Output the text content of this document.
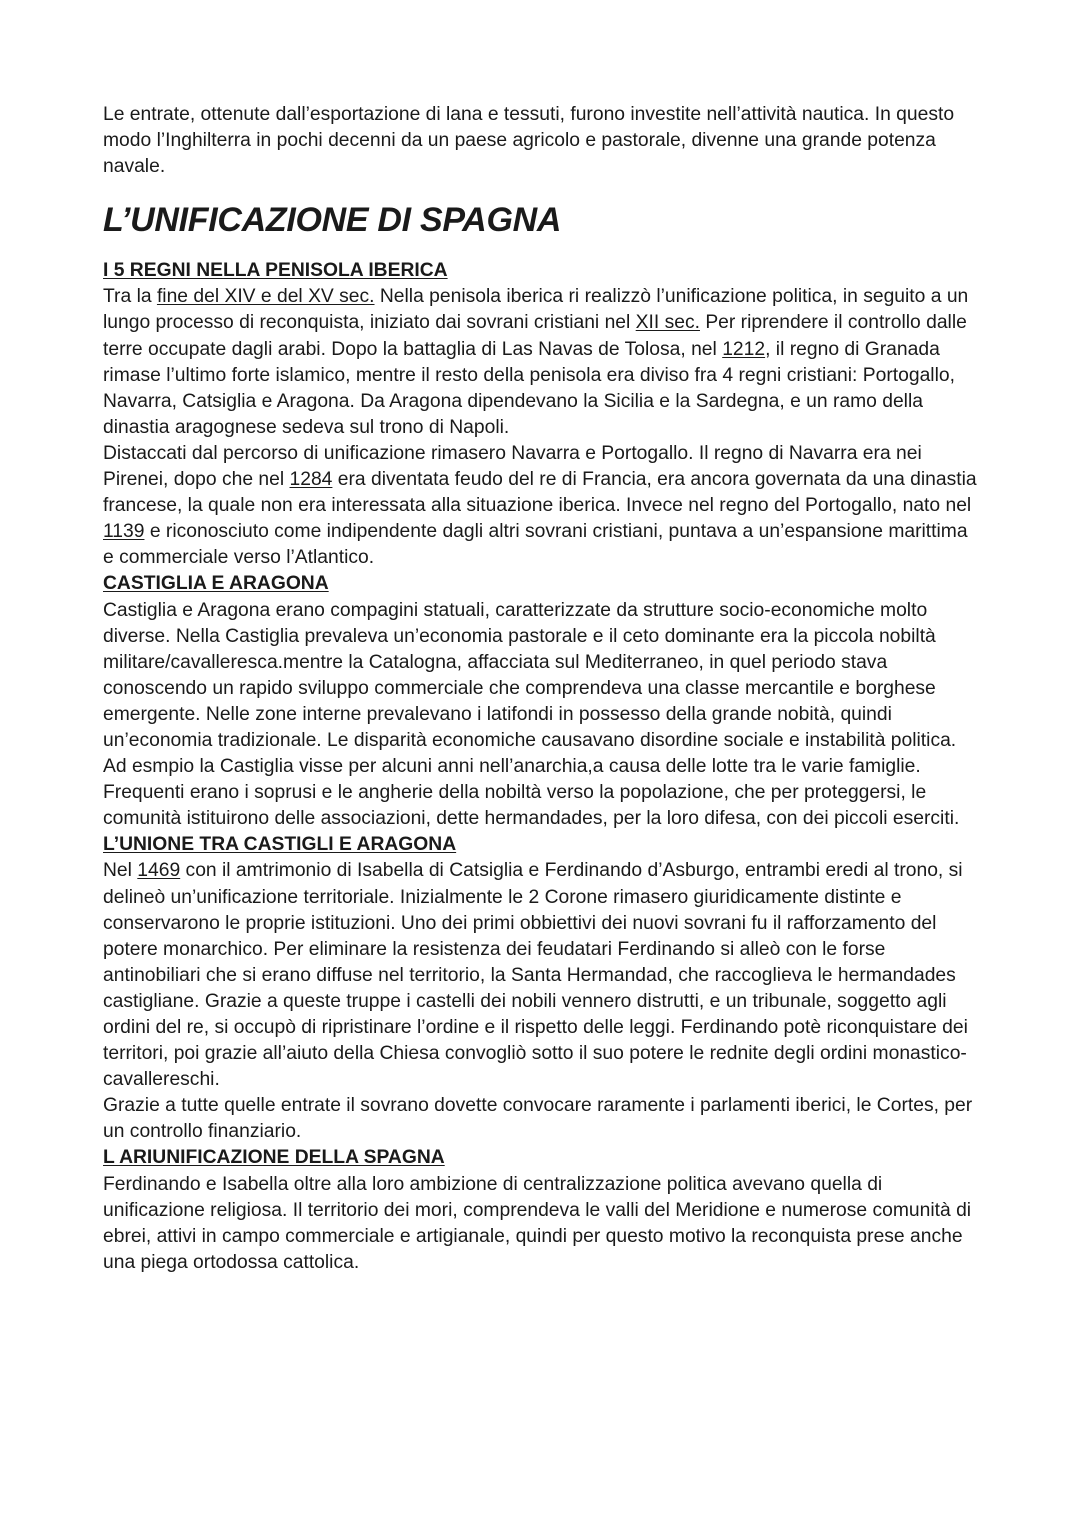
Le entrate, ottenute dall’esportazione di lana e tessuti, furono investite nell’attività nautica. In questo modo l’Inghilterra in pochi decenni da un paese agricolo e pastorale, divenne una grande potenza navale.

L’UNIFICAZIONE DI SPAGNA
I 5 REGNI NELLA PENISOLA IBERICA

Tra la fine del XIV e del XV sec. Nella penisola iberica ri realizzò l’unificazione politica, in seguito a un lungo processo di reconquista, iniziato dai sovrani cristiani nel XII sec. Per riprendere il controllo dalle terre occupate dagli arabi. Dopo la battaglia di Las Navas de Tolosa, nel 1212, il regno di Granada rimase l’ultimo forte islamico, mentre il resto della penisola era diviso fra 4 regni cristiani: Portogallo, Navarra, Catsiglia e Aragona. Da Aragona dipendevano la Sicilia e la Sardegna, e un ramo della dinastia aragognese sedeva sul trono di Napoli.

Distaccati dal percorso di unificazione rimasero Navarra e Portogallo. Il regno di Navarra era nei Pirenei, dopo che nel 1284 era diventata feudo del re di Francia, era ancora governata da una dinastia francese, la quale non era interessata alla situazione iberica. Invece nel regno del Portogallo, nato nel 1139 e riconosciuto come indipendente dagli altri sovrani cristiani, puntava a un’espansione marittima e commerciale verso l’Atlantico.

CASTIGLIA E ARAGONA

Castiglia e Aragona erano compagini statuali, caratterizzate da strutture socio-economiche molto diverse. Nella Castiglia prevaleva un’economia pastorale e il ceto dominante era la piccola nobiltà militare/cavalleresca.mentre la Catalogna, affacciata sul Mediterraneo, in quel periodo stava conoscendo un rapido sviluppo commerciale che comprendeva una classe mercantile e borghese emergente. Nelle zone interne prevalevano i latifondi in possesso della grande nobità, quindi un’economia tradizionale. Le disparità economiche causavano disordine sociale e instabilità politica. Ad esmpio la Castiglia visse per alcuni anni nell’anarchia,a causa delle lotte tra le varie famiglie. Frequenti erano i soprusi e le angherie della nobiltà verso la popolazione, che per proteggersi, le comunità istituirono delle associazioni, dette hermandades, per la loro difesa, con dei piccoli eserciti.

L’UNIONE TRA CASTIGLI E ARAGONA

Nel 1469 con il amtrimonio di Isabella di Catsiglia e Ferdinando d’Asburgo, entrambi eredi al trono, si delineò un’unificazione territoriale. Inizialmente le 2 Corone rimasero giuridicamente distinte e conservarono le proprie istituzioni. Uno dei primi obbiettivi dei nuovi sovrani fu il rafforzamento del potere monarchico. Per eliminare la resistenza dei feudatari Ferdinando si alleò con le forse antinobiliari che si erano diffuse nel territorio, la Santa Hermandad, che raccoglieva le hermandades castigliane. Grazie a queste truppe i castelli dei nobili vennero distrutti, e un tribunale, soggetto agli ordini del re, si occupò di ripristinare l’ordine e il rispetto delle leggi. Ferdinando potè riconquistare dei territori, poi grazie all’aiuto della Chiesa convogliò sotto il suo potere le rednite degli ordini monastico-cavallereschi.

Grazie a tutte quelle entrate il sovrano dovette convocare raramente i parlamenti iberici, le Cortes, per un controllo finanziario.

L ARIUNIFICAZIONE DELLA SPAGNA

Ferdinando e Isabella oltre alla loro ambizione di centralizzazione politica avevano quella di unificazione religiosa. Il territorio dei mori, comprendeva le valli del Meridione e numerose comunità di ebrei, attivi in campo commerciale e artigianale, quindi per questo motivo la reconquista prese anche una piega ortodossa cattolica.
